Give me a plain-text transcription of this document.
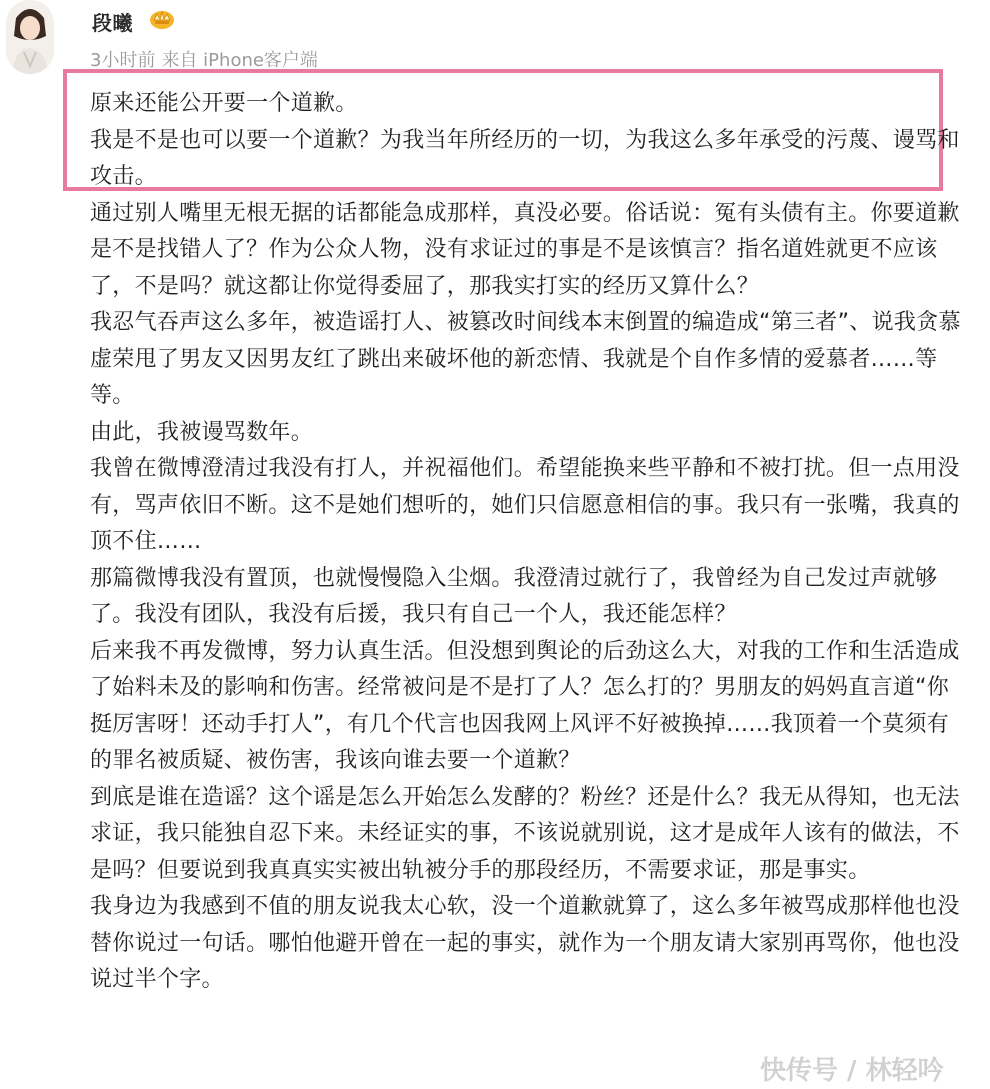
段曦
3小时前 来自 iPhone客户端

原来还能公开要一个道歉。

我是不是也可以要一个道歉？为我当年所经历的一切，为我这么多年承受的污蔑、谩骂和攻击。

通过别人嘴里无根无据的话都能急成那样，真没必要。俗话说：冤有头债有主。你要道歉是不是找错人了？作为公众人物，没有求证过的事是不是该慎言？指名道姓就更不应该了，不是吗？就这都让你觉得委屈了，那我实打实的经历又算什么？

我忍气吞声这么多年，被造谣打人、被篡改时间线本末倒置的编造成“第三者”、说我贪慕虚荣甩了男友又因男友红了跳出来破坏他的新恋情、我就是个自作多情的爱慕者……等等。

由此，我被谩骂数年。

我曾在微博澄清过我没有打人，并祝福他们。希望能换来些平静和不被打扰。但一点用没有，骂声依旧不断。这不是她们想听的，她们只信愿意相信的事。我只有一张嘴，我真的顶不住……

那篇微博我没有置顶，也就慢慢隐入尘烟。我澄清过就行了，我曾经为自己发过声就够了。我没有团队，我没有后援，我只有自己一个人，我还能怎样？

后来我不再发微博，努力认真生活。但没想到舆论的后劲这么大，对我的工作和生活造成了始料未及的影响和伤害。经常被问是不是打了人？怎么打的？男朋友的妈妈直言道“你挺厉害呀！还动手打人”，有几个代言也因我网上风评不好被换掉……我顶着一个莫须有的罪名被质疑、被伤害，我该向谁去要一个道歉？

到底是谁在造谣？这个谣是怎么开始怎么发酵的？粉丝？还是什么？我无从得知，也无法求证，我只能独自忍下来。未经证实的事，不该说就别说，这才是成年人该有的做法，不是吗？但要说到我真真实实被出轨被分手的那段经历，不需要求证，那是事实。

我身边为我感到不值的朋友说我太心软，没一个道歉就算了，这么多年被骂成那样他也没替你说过一句话。哪怕他避开曾在一起的事实，就作为一个朋友请大家别再骂你，他也没说过半个字。

快传号 / 林轻吟
